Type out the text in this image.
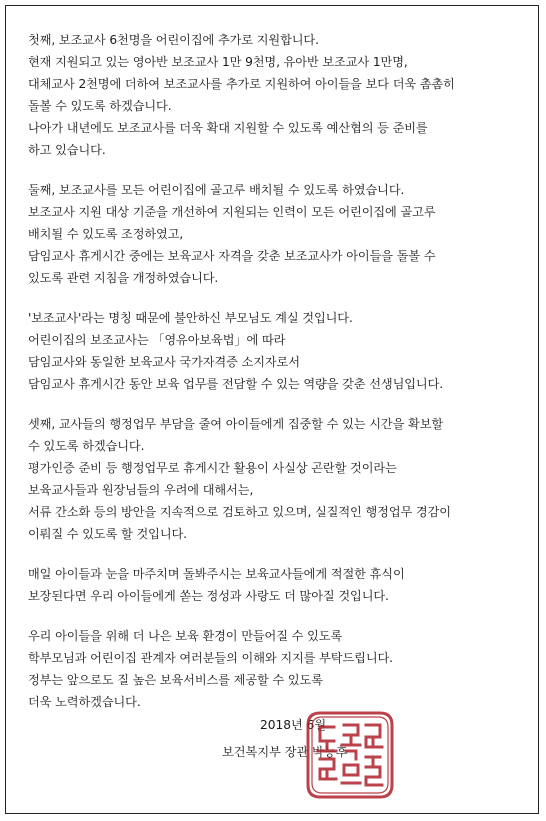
첫째, 보조교사 6천명을 어린이집에 추가로 지원합니다.
현재 지원되고 있는 영아반 보조교사 1만 9천명, 유아반 보조교사 1만명,
대체교사 2천명에 더하여 보조교사를 추가로 지원하여 아이들을 보다 더욱 촘촘히
돌볼 수 있도록 하겠습니다.
나아가 내년에도 보조교사를 더욱 확대 지원할 수 있도록 예산협의 등 준비를
하고 있습니다.
둘째, 보조교사를 모든 어린이집에 골고루 배치될 수 있도록 하였습니다.
보조교사 지원 대상 기준을 개선하여 지원되는 인력이 모든 어린이집에 골고루
배치될 수 있도록 조정하였고,
담임교사 휴게시간 중에는 보육교사 자격을 갖춘 보조교사가 아이들을 돌볼 수
있도록 관련 지침을 개정하였습니다.
'보조교사'라는 명칭 때문에 불안하신 부모님도 계실 것입니다.
어린이집의 보조교사는 「영유아보육법」에 따라
담임교사와 동일한 보육교사 국가자격증 소지자로서
담임교사 휴게시간 동안 보육 업무를 전담할 수 있는 역량을 갖춘 선생님입니다.
셋째, 교사들의 행정업무 부담을 줄여 아이들에게 집중할 수 있는 시간을 확보할
수 있도록 하겠습니다.
평가인증 준비 등 행정업무로 휴게시간 활용이 사실상 곤란할 것이라는
보육교사들과 원장님들의 우려에 대해서는,
서류 간소화 등의 방안을 지속적으로 검토하고 있으며, 실질적인 행정업무 경감이
이뤄질 수 있도록 할 것입니다.
매일 아이들과 눈을 마주치며 돌봐주시는 보육교사들에게 적절한 휴식이
보장된다면 우리 아이들에게 쏟는 정성과 사랑도 더 많아질 것입니다.
우리 아이들을 위해 더 나은 보육 환경이 만들어질 수 있도록
학부모님과 어린이집 관계자 여러분들의 이해와 지지를 부탁드립니다.
정부는 앞으로도 질 높은 보육서비스를 제공할 수 있도록
더욱 노력하겠습니다.
2018년 6월
보건복지부 장관 박능후
